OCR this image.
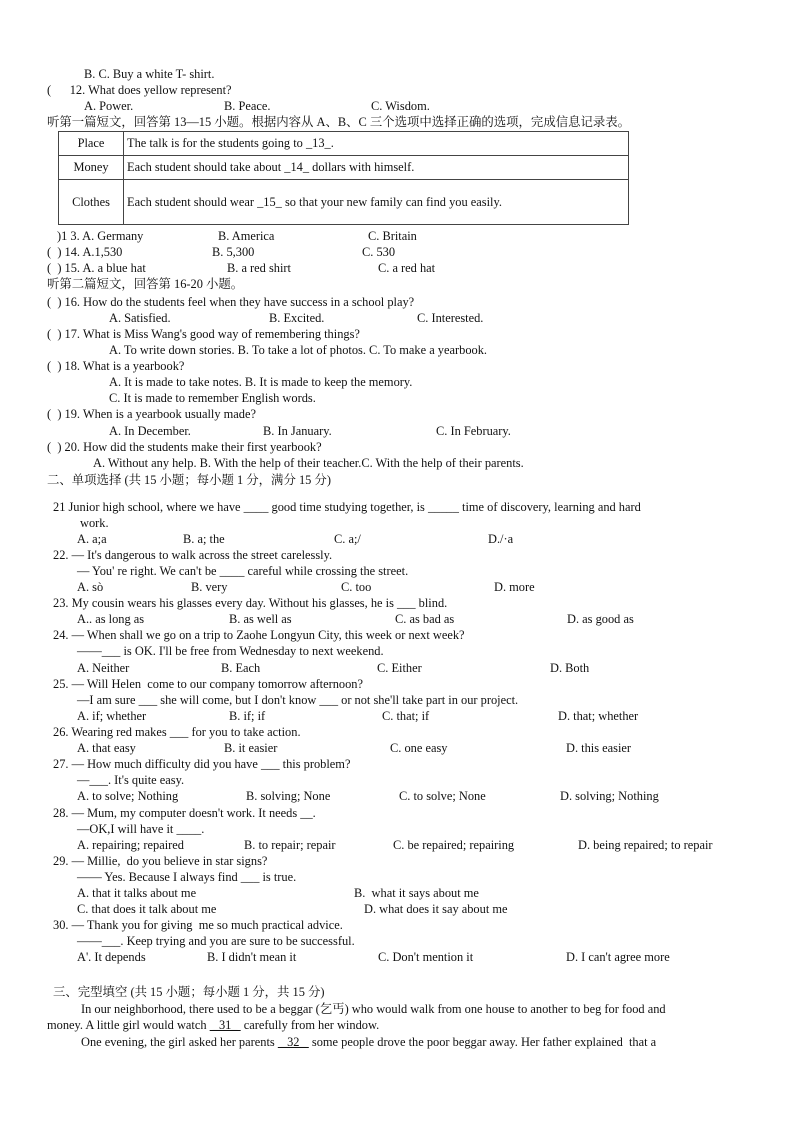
B. C. Buy a white T- shirt.
(      12. What does yellow represent?
A. Power.	B. Peace.	C. Wisdom.
听第一篇短文，回答第 13—15 小题。根据内容从 A、B、C 三个选项中选择正确的选项，完成信息记录表。
Place	The talk is for the students going to _13_.
Money	Each student should take about _14_ dollars with himself.
Clothes	Each student should wear _15_ so that your new family can find you easily.
)1 3. A. Germany	B. America	C. Britain
(  ) 14. A.1,530	B. 5,300	C. 530
(  ) 15. A. a blue hat	B. a red shirt	C. a red hat
听第二篇短文，回答第 16-20 小题。
(  ) 16. How do the students feel when they have success in a school play?
A. Satisfied.	B. Excited.	C. Interested.
(  ) 17. What is Miss Wang's good way of remembering things?
A. To write down stories. B. To take a lot of photos. C. To make a yearbook.
(  ) 18. What is a yearbook?
A. It is made to take notes. B. It is made to keep the memory.
C. It is made to remember English words.
(  ) 19. When is a yearbook usually made?
A. In December.	B. In January.	C. In February.
(  ) 20. How did the students make their first yearbook?
A. Without any help. B. With the help of their teacher.C. With the help of their parents.
二、单项选择 (共 15 小题；每小题 1 分，满分 15 分)
21 Junior high school, where we have ____ good time studying together, is _____ time of discovery, learning and hard
work.
A. a;a	B. a; the	C. a;/	D./·a
22. — It's dangerous to walk across the street carelessly.
— You' re right. We can't be ____ careful while crossing the street.
A. sò	B. very	C. too	D. more
23. My cousin wears his glasses every day. Without his glasses, he is ___ blind.
A.. as long as	B. as well as	C. as bad as	D. as good as
24. — When shall we go on a trip to Zaohe Longyun City, this week or next week?
——___ is OK. I'll be free from Wednesday to next weekend.
A. Neither	B. Each	C. Either	D. Both
25. — Will Helen  come to our company tomorrow afternoon?
—I am sure ___ she will come, but I don't know ___ or not she'll take part in our project.
A. if; whether	B. if; if	C. that; if	D. that; whether
26. Wearing red makes ___ for you to take action.
A. that easy	B. it easier	C. one easy	D. this easier
27. — How much difficulty did you have ___ this problem?
—___. It's quite easy.
A. to solve; Nothing	B. solving; None	C. to solve; None	D. solving; Nothing
28. — Mum, my computer doesn't work. It needs __.
—OK,I will have it ____.
A. repairing; repaired	B. to repair; repair	C. be repaired; repairing	D. being repaired; to repair
29. — Millie,  do you believe in star signs?
—— Yes. Because I always find ___ is true.
A. that it talks about me	B.  what it says about me
C. that does it talk about me	D. what does it say about me
30. — Thank you for giving  me so much practical advice.
——___. Keep trying and you are sure to be successful.
A'. It depends	B. I didn't mean it	C. Don't mention it	D. I can't agree more
三、完型填空 (共 15 小题；每小题 1 分，共 15 分)
In our neighborhood, there used to be a beggar (乞丐) who would walk from one house to another to beg for food and
money. A little girl would watch  _31_  carefully from her window.
One evening, the girl asked her parents  _32_  some people drove the poor beggar away. Her father explained  that a
